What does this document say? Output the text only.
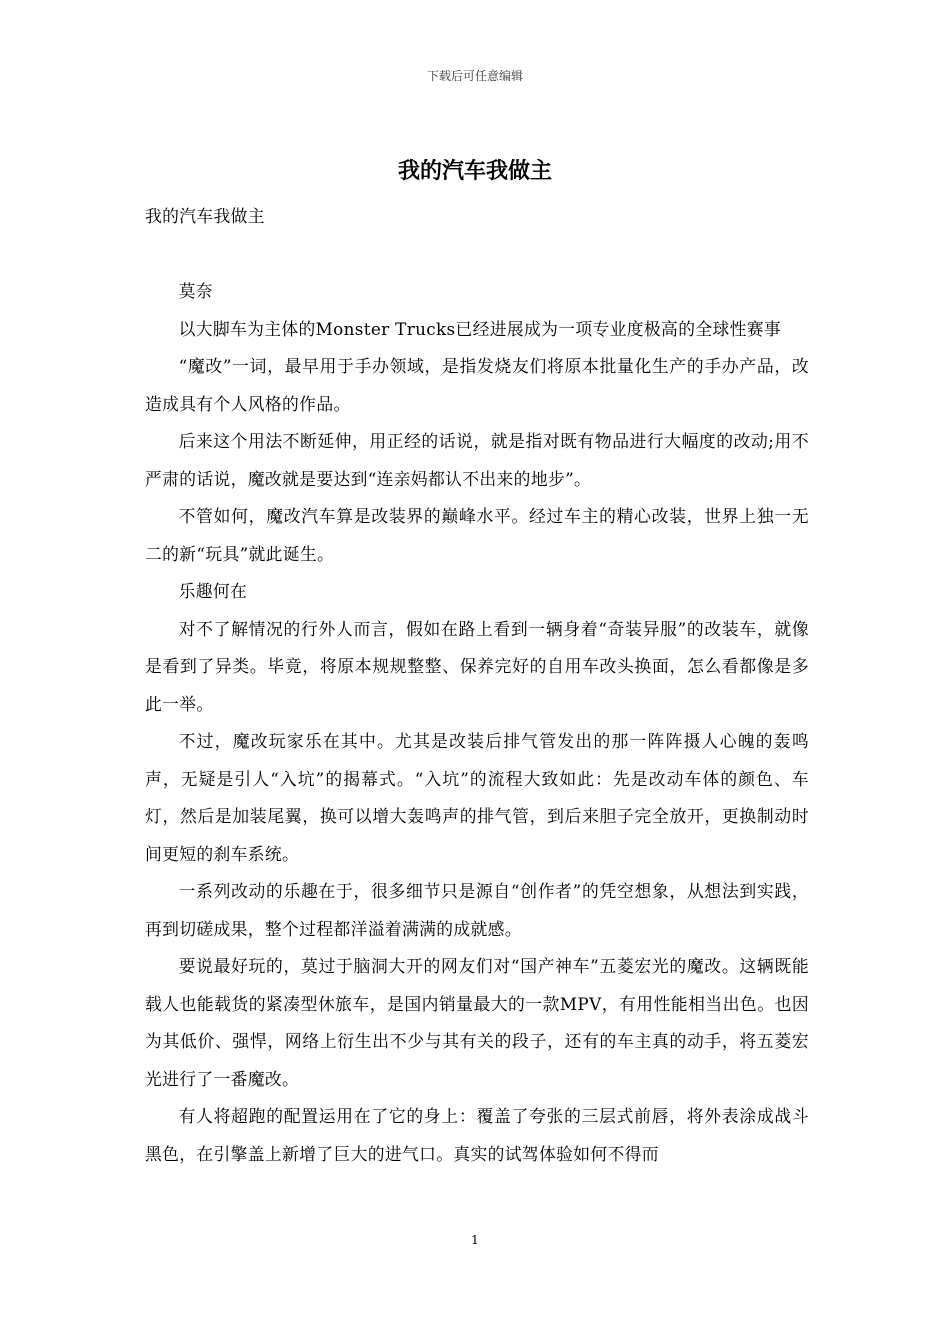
下载后可任意编辑
我的汽车我做主

我的汽车我做主

莫奈

以大脚车为主体的Monster Trucks已经进展成为一项专业度极高的全球性赛事

“魔改”一词，最早用于手办领域，是指发烧友们将原本批量化生产的手办产品，改造成具有个人风格的作品。

后来这个用法不断延伸，用正经的话说，就是指对既有物品进行大幅度的改动;用不严肃的话说，魔改就是要达到“连亲妈都认不出来的地步”。

不管如何，魔改汽车算是改装界的巅峰水平。经过车主的精心改装，世界上独一无二的新“玩具”就此诞生。

乐趣何在

对不了解情况的行外人而言，假如在路上看到一辆身着“奇装异服”的改装车，就像是看到了异类。毕竟，将原本规规整整、保养完好的自用车改头换面，怎么看都像是多此一举。

不过，魔改玩家乐在其中。尤其是改装后排气管发出的那一阵阵摄人心魄的轰鸣声，无疑是引人“入坑”的揭幕式。“入坑”的流程大致如此：先是改动车体的颜色、车灯，然后是加装尾翼，换可以增大轰鸣声的排气管，到后来胆子完全放开，更换制动时间更短的刹车系统。

一系列改动的乐趣在于，很多细节只是源自“创作者”的凭空想象，从想法到实践，再到切磋成果，整个过程都洋溢着满满的成就感。

要说最好玩的，莫过于脑洞大开的网友们对“国产神车”五菱宏光的魔改。这辆既能载人也能载货的紧凑型休旅车，是国内销量最大的一款MPV，有用性能相当出色。也因为其低价、强悍，网络上衍生出不少与其有关的段子，还有的车主真的动手，将五菱宏光进行了一番魔改。

有人将超跑的配置运用在了它的身上：覆盖了夸张的三层式前唇，将外表涂成战斗黑色，在引擎盖上新增了巨大的进气口。真实的试驾体验如何不得而

1
